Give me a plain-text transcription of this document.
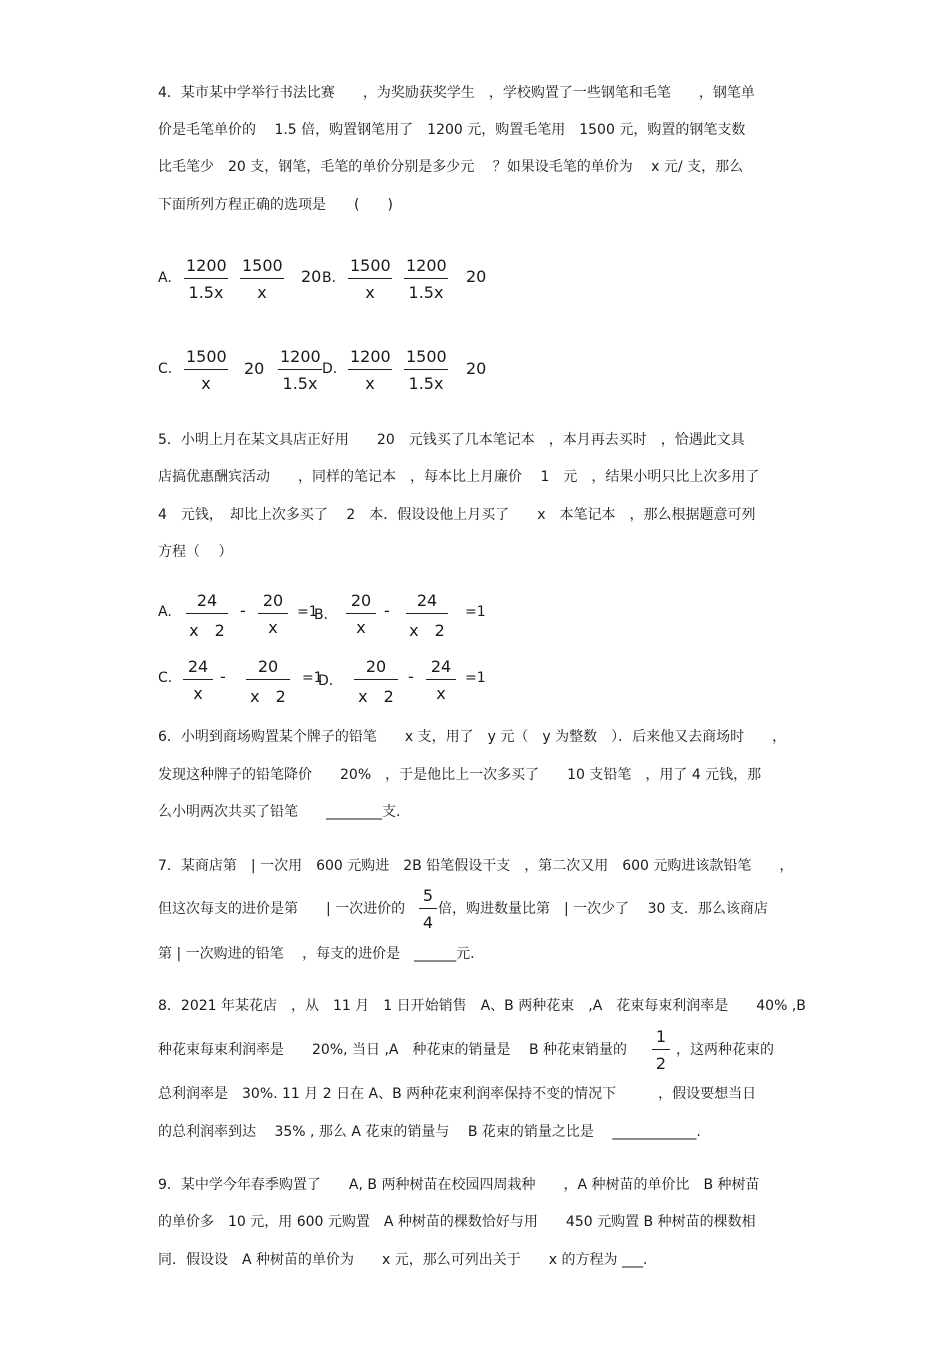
4．某市某中学举行书法比赛　　，为奖励获奖学生　，学校购置了一些钢笔和毛笔　　，钢笔单
价是毛笔单价的　 1.5 倍，购置钢笔用了　1200 元，购置毛笔用　1500 元，购置的钢笔支数
比毛笔少　20 支，钢笔，毛笔的单价分别是多少元　 ？如果设毛笔的单价为　 x 元/ 支，那么
下面所列方程正确的选项是　　(　　)
A. $\frac{1200}{1.5x} \frac{1500}{x} 20$ B. $\frac{1500}{x} \frac{1200}{1.5x} 20$
C. $\frac{1500}{x} 20 \frac{1200}{1.5x} D$. $\frac{1200}{x} \frac{1500}{1.5x} 20$
5．小明上月在某文具店正好用　　20　元钱买了几本笔记本　，本月再去买时　，恰遇此文具
店搞优惠酬宾活动　　，同样的笔记本　，每本比上月廉价　 1　元　，结果小明只比上次多用了
4　元钱，　却比上次多买了　 2　本．假设设他上月买了　　x　本笔记本　，那么根据题意可列
方程（　 ）
A. $\frac{24}{x 2} - \frac{20}{x} =1$
B． $\frac{20}{x} - \frac{24}{x 2} =1$
C. $\frac{24}{x} - \frac{20}{x 2} =1$
D． $\frac{20}{x 2} - \frac{24}{x} =1$
6．小明到商场购置某个牌子的铅笔　　x 支，用了　y 元（　y 为整数　）．后来他又去商场时　　，
发现这种牌子的铅笔降价　　20%　，于是他比上一次多买了　　10 支铅笔　，用了 4 元钱，那
么小明两次共买了铅笔　　________支.
7．某商店第　| 一次用　600 元购进　2B 铅笔假设干支　，第二次又用　600 元购进该款铅笔　　，
但这次每支的进价是第　　| 一次进价的 $\frac{5}{4}$ 倍，购进数量比第　| 一次少了　 30 支．那么该商店
第 | 一次购进的铅笔　 ，每支的进价是　______元.
8．2021 年某花店　，从　11 月　1 日开始销售　A、B 两种花束　,A　花束每束利润率是　　40% ,B
种花束每束利润率是　　20%, 当日 ,A　种花束的销量是　 B 种花束销量的 $\frac{1}{2}$ ，这两种花束的
总利润率是　30%. 11 月 2 日在 A、B 两种花束利润率保持不变的情况下　　　，假设要想当日
的总利润率到达　 35% , 那么 A 花束的销量与　 B 花束的销量之比是　 ____________.
9．某中学今年春季购置了　　A, B 两种树苗在校园四周栽种　　，A 种树苗的单价比　B 种树苗
的单价多　10 元，用 600 元购置　A 种树苗的棵数恰好与用　　450 元购置 B 种树苗的棵数相
同．假设设　A 种树苗的单价为　　x 元，那么可列出关于　　x 的方程为 ___.
